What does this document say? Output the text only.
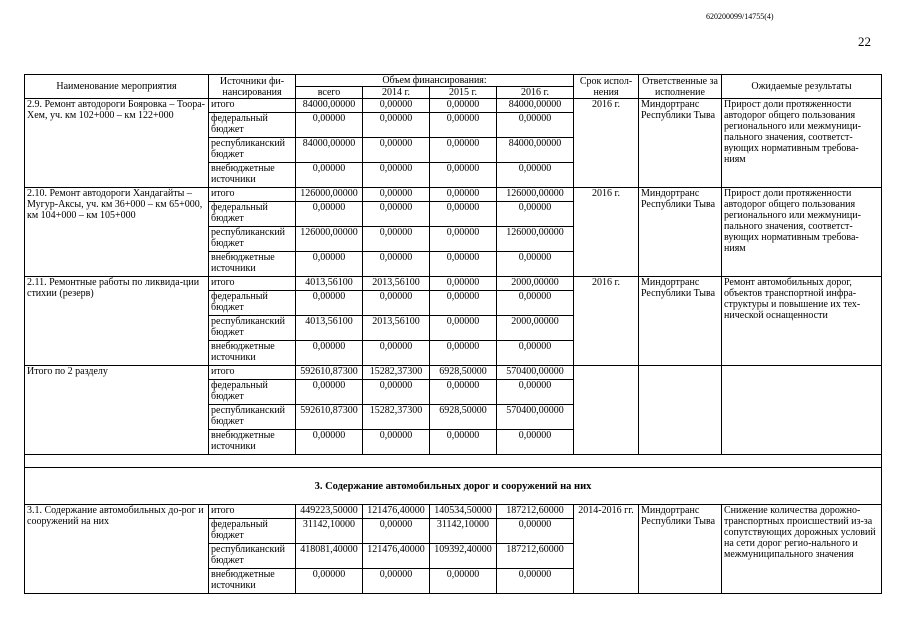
620200099/14755(4)
22
Наименование мероприятия	Источники фи-нансирования	Объем финансирования:				Срок испол-нения	Ответственные за исполнение	Ожидаемые результаты
		всего	2014 г.	2015 г.	2016 г.			
2.9. Ремонт автодороги Бояровка – Тоора-Хем, уч. км 102+000 – км 122+000	итого	84000,00000	0,00000	0,00000	84000,00000	2016 г.	Миндортранс Республики Тыва	Прирост доли протяженности автодорог общего пользования регионального или межмуници-пального значения, соответст-вующих нормативным требова-ниям
	федеральный бюджет	0,00000	0,00000	0,00000	0,00000			
	республиканский бюджет	84000,00000	0,00000	0,00000	84000,00000			
	внебюджетные источники	0,00000	0,00000	0,00000	0,00000			
2.10. Ремонт автодороги Хандагайты – Мугур-Аксы, уч. км 36+000 – км 65+000, км 104+000 – км 105+000	итого	126000,00000	0,00000	0,00000	126000,00000	2016 г.	Миндортранс Республики Тыва	Прирост доли протяженности автодорог общего пользования регионального или межмуници-пального значения, соответст-вующих нормативным требова-ниям
	федеральный бюджет	0,00000	0,00000	0,00000	0,00000			
	республиканский бюджет	126000,00000	0,00000	0,00000	126000,00000			
	внебюджетные источники	0,00000	0,00000	0,00000	0,00000			
2.11. Ремонтные работы по ликвида-ции стихии (резерв)	итого	4013,56100	2013,56100	0,00000	2000,00000	2016 г.	Миндортранс Республики Тыва	Ремонт автомобильных дорог, объектов транспортной инфра-структуры и повышение их тех-нической оснащенности
	федеральный бюджет	0,00000	0,00000	0,00000	0,00000			
	республиканский бюджет	4013,56100	2013,56100	0,00000	2000,00000			
	внебюджетные источники	0,00000	0,00000	0,00000	0,00000			
Итого по 2 разделу	итого	592610,87300	15282,37300	6928,50000	570400,00000			
	федеральный бюджет	0,00000	0,00000	0,00000	0,00000			
	республиканский бюджет	592610,87300	15282,37300	6928,50000	570400,00000			
	внебюджетные источники	0,00000	0,00000	0,00000	0,00000			

3. Содержание автомобильных дорог и сооружений на них								
3.1. Содержание автомобильных до-рог и сооружений на них	итого	449223,50000	121476,40000	140534,50000	187212,60000	2014-2016 гг.	Миндортранс Республики Тыва	Снижение количества дорожно-транспортных происшествий из-за сопутствующих дорожных условий на сети дорог регио-нального и межмуниципального значения
	федеральный бюджет	31142,10000	0,00000	31142,10000	0,00000			
	республиканский бюджет	418081,40000	121476,40000	109392,40000	187212,60000			
	внебюджетные источники	0,00000	0,00000	0,00000	0,00000			
